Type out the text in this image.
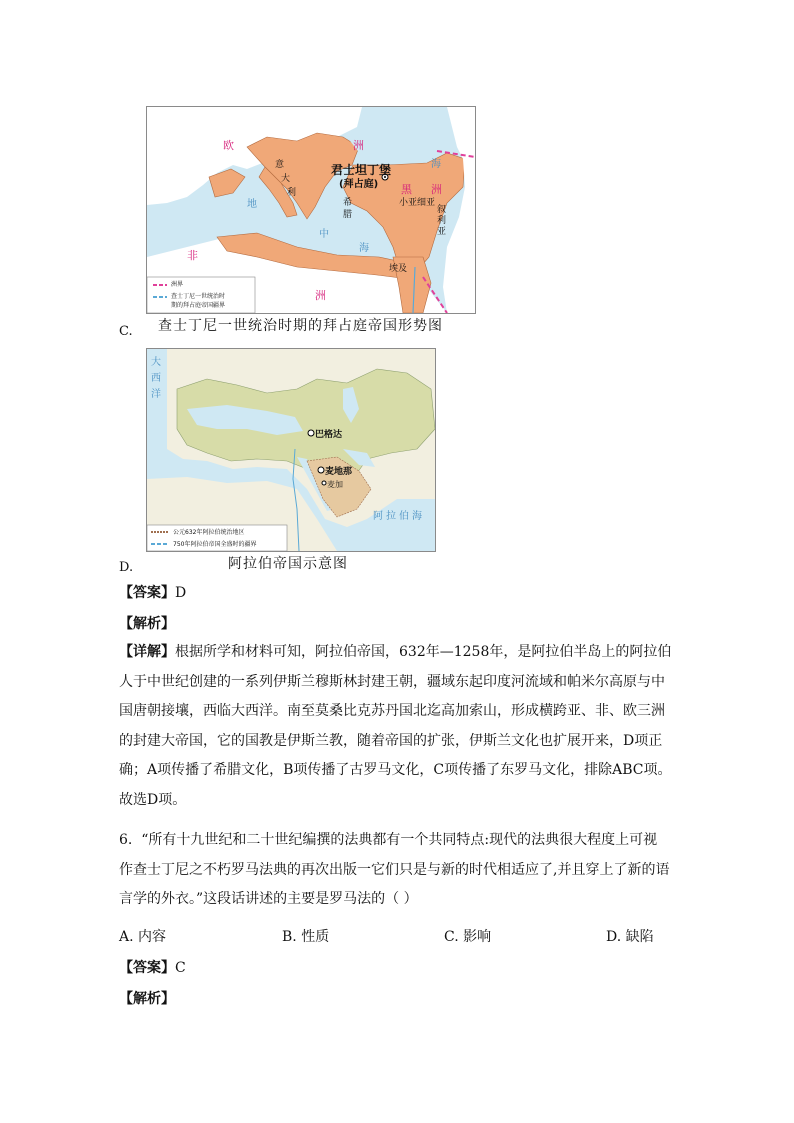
欧	洲
黑 洲
非
洲
君士坦丁堡
(拜占庭)
小亚细亚
意
大
利
希
腊	叙利亚
埃及
地
中
海
海
洲界
查士丁尼一世统治时
期的拜占庭帝国疆界
C. 查士丁尼一世统治时期的拜占庭帝国形势图
大
西
洋
巴格达
麦地那
麦加
阿拉伯海
公元632年阿拉伯统治地区
750年阿拉伯帝国全盛时的疆界
D.	阿拉伯帝国示意图
【答案】D
【解析】
【详解】根据所学和材料可知，阿拉伯帝国，632年—1258年，是阿拉伯半岛上的阿拉伯
人于中世纪创建的一系列伊斯兰穆斯林封建王朝，疆域东起印度河流域和帕米尔高原与中
国唐朝接壤，西临大西洋。南至莫桑比克苏丹国北迄高加索山，形成横跨亚、非、欧三洲
的封建大帝国，它的国教是伊斯兰教，随着帝国的扩张，伊斯兰文化也扩展开来，D项正
确；A项传播了希腊文化，B项传播了古罗马文化，C项传播了东罗马文化，排除ABC项。
故选D项。
6. “所有十九世纪和二十世纪编撰的法典都有一个共同特点:现代的法典很大程度上可视
作查士丁尼之不朽罗马法典的再次出版一它们只是与新的时代相适应了,并且穿上了新的语
言学的外衣。”这段话讲述的主要是罗马法的（ ）
A. 内容	B. 性质	C. 影响	D. 缺陷
【答案】C
【解析】
